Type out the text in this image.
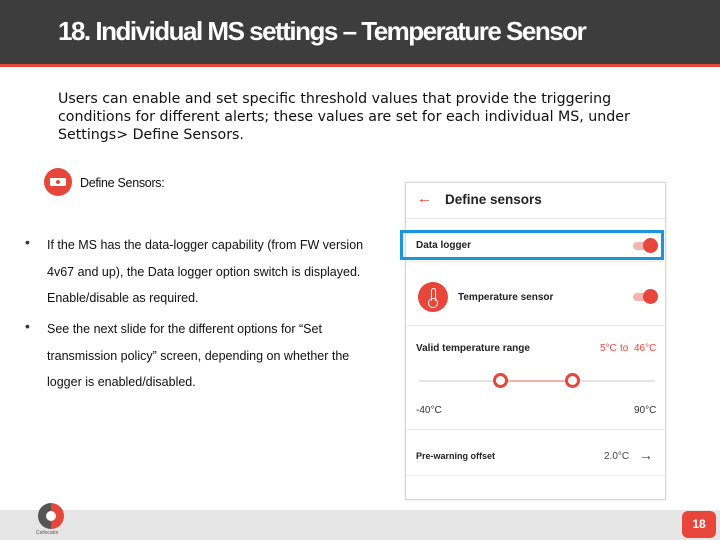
18. Individual MS settings – Temperature Sensor
Users can enable and set specific threshold values that provide the triggering conditions for different alerts; these values are set for each individual MS, under Settings> Define Sensors.
Define Sensors:
• If the MS has the data-logger capability (from FW version 4v67 and up), the Data logger option switch is displayed. Enable/disable as required.
• See the next slide for the different options for “Set transmission policy” screen, depending on whether the logger is enabled/disabled.
← Define sensors
Data logger
Temperature sensor
Valid temperature range	5°C to 46°C
-40°C	90°C
Pre-warning offset	2.0°C →
Cellocator
18
